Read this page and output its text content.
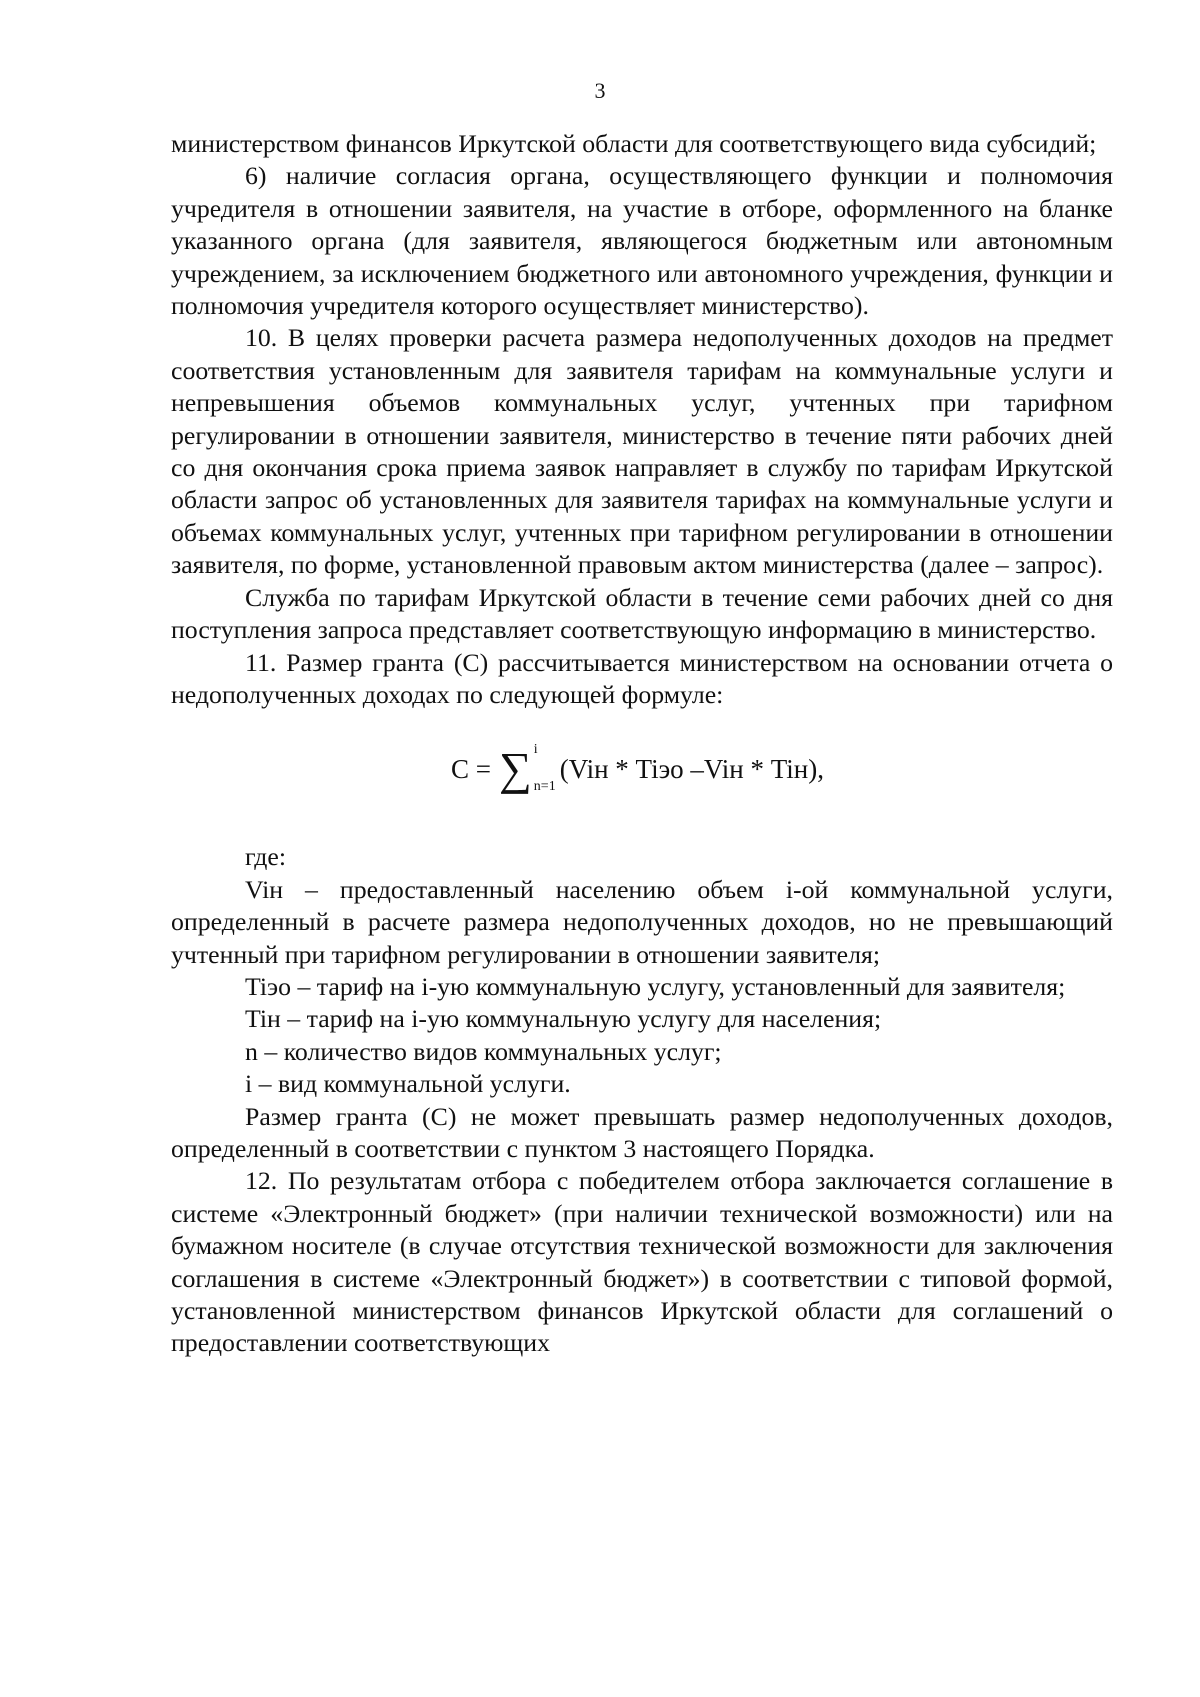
3

министерством финансов Иркутской области для соответствующего вида субсидий;

6) наличие согласия органа, осуществляющего функции и полномочия учредителя в отношении заявителя, на участие в отборе, оформленного на бланке указанного органа (для заявителя, являющегося бюджетным или автономным учреждением, за исключением бюджетного или автономного учреждения, функции и полномочия учредителя которого осуществляет министерство).

10. В целях проверки расчета размера недополученных доходов на предмет соответствия установленным для заявителя тарифам на коммунальные услуги и непревышения объемов коммунальных услуг, учтенных при тарифном регулировании в отношении заявителя, министерство в течение пяти рабочих дней со дня окончания срока приема заявок направляет в службу по тарифам Иркутской области запрос об установленных для заявителя тарифах на коммунальные услуги и объемах коммунальных услуг, учтенных при тарифном регулировании в отношении заявителя, по форме, установленной правовым актом министерства (далее – запрос).

Служба по тарифам Иркутской области в течение семи рабочих дней со дня поступления запроса представляет соответствующую информацию в министерство.

11. Размер гранта (C) рассчитывается министерством на основании отчета о недополученных доходах по следующей формуле:

C = ∑ i
n=1
(Viн * Tiэо –Viн * Tiн),

где:

Viн – предоставленный населению объем i-ой коммунальной услуги, определенный в расчете размера недополученных доходов, но не превышающий учтенный при тарифном регулировании в отношении заявителя;

Tiэо – тариф на i-ую коммунальную услугу, установленный для заявителя;

Tiн – тариф на i-ую коммунальную услугу для населения;

n – количество видов коммунальных услуг;

i – вид коммунальной услуги.

Размер гранта (C) не может превышать размер недополученных доходов, определенный в соответствии с пунктом 3 настоящего Порядка.

12. По результатам отбора с победителем отбора заключается соглашение в системе «Электронный бюджет» (при наличии технической возможности) или на бумажном носителе (в случае отсутствия технической возможности для заключения соглашения в системе «Электронный бюджет») в соответствии с типовой формой, установленной министерством финансов Иркутской области для соглашений о предоставлении соответствующих
